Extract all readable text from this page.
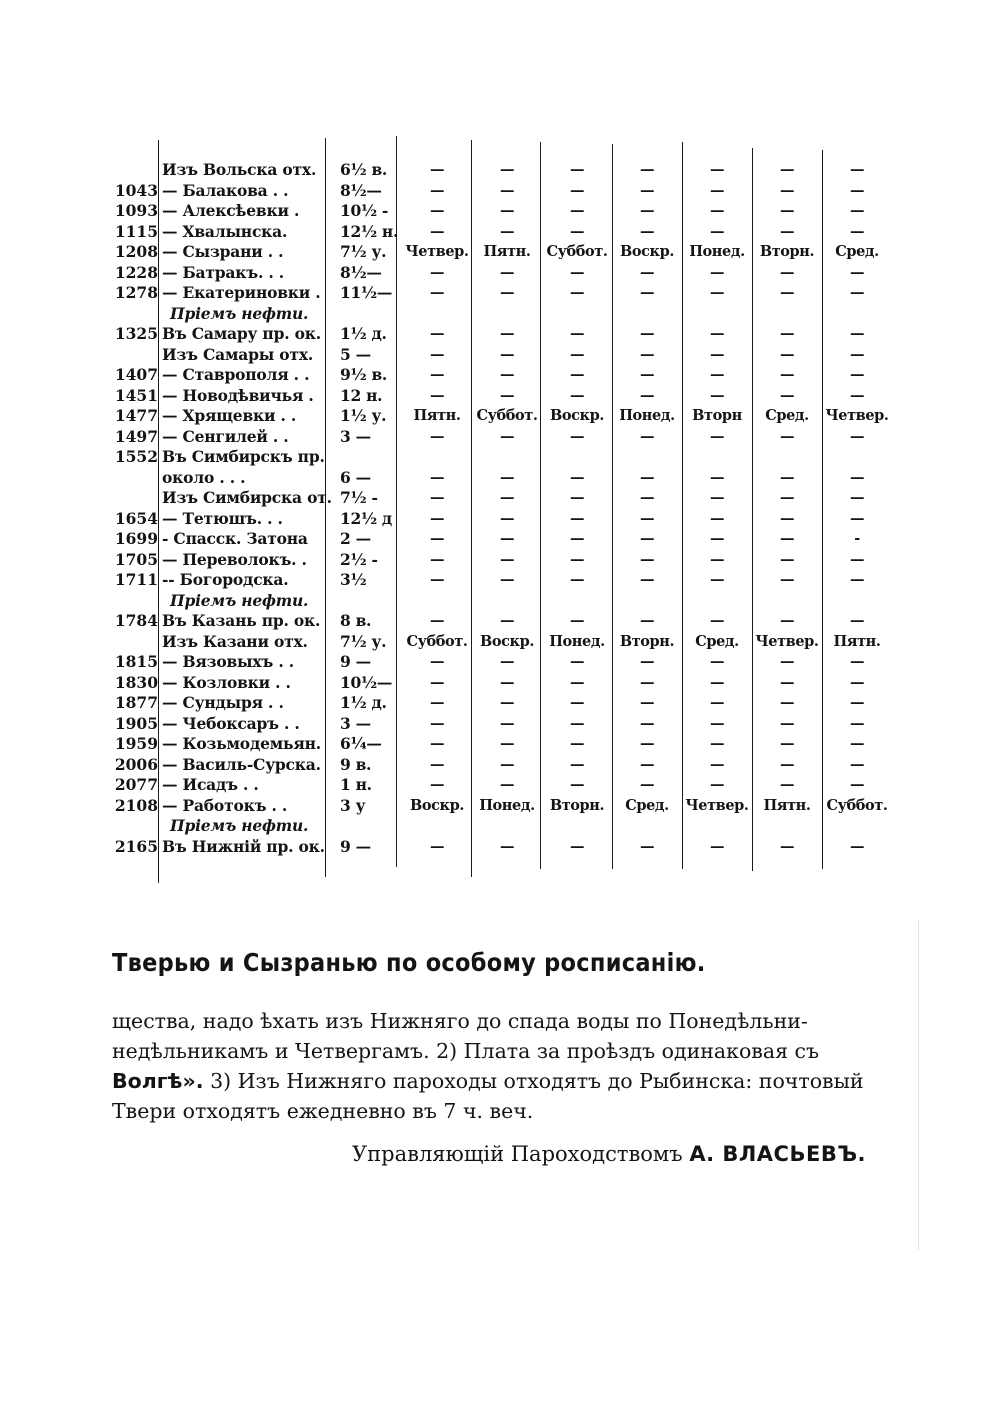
Изъ Вольска отх.	6½ в.	—	—	—	—	—	—	—
1043 — Балакова . .	8½—	—	—	—	—	—	—	—
1093 — Алексѣевки .	10½ -	—	—	—	—	—	—	—
1115 — Хвалынска.	12½ н.	—	—	—	—	—	—	—
1208 — Сызрани . .	7½ у.	Четвер.	Пятн.	Суббот. Воскр.	Понед.	Вторн.	Сред.
1228 — Батракъ. . .	8½—	—	—	—	—	—	—	—
1278 — Екатериновки . 11½—	—	—	—	—	—	—	—
Пріемъ нефти.
1325 Въ Самару пр. ок. 1½ д.	—	—	—	—	—	—	—
Изъ Самары отх.	5 —	—	—	—	—	—	—	—
1407 — Ставрополя . .	9½ в.	—	—	—	—	—	—	—
1451 — Новодѣвичья .	12 н.	—	—	—	—	—	—	—
1477 — Хрящевки . .	1½ у.	Пятн.	Суббот. Воскр.	Понед.	Вторн	Сред.	Четвер.
1497 — Сенгилей . .	3 —	—	—	—	—	—	—	—
1552 Въ Симбирскъ пр.
около . . .	6 —	—	—	—	—	—	—	—
Изъ Симбирска от. 7½ -	—	—	—	—	—	—	—
1654 — Тетюшъ. . .	12½ д	—	—	—	—	—	—	—
1699 - Спасск. Затона	2 —	—	—	—	—	—	—	-
1705 — Переволокъ. .	2½ -	—	—	—	—	—	—	—
1711 -- Богородска.	3½	—	—	—	—	—	—	—
Пріемъ нефти.
1784 Въ Казань пр. ок. 8 в.	—	—	—	—	—	—	—
Изъ Казани отх.	7½ у.	Суббот. Воскр.	Понед.	Вторн.	Сред.	Четвер.	Пятн.
1815 — Вязовыхъ . .	9 —	—	—	—	—	—	—	—
1830 — Козловки . .	10½—	—	—	—	—	—	—	—
1877 — Сундыря . .	1½ д.	—	—	—	—	—	—	—
1905 — Чебоксаръ . .	3 —	—	—	—	—	—	—	—
1959 — Козьмодемьян. 6¼—	—	—	—	—	—	—	—
2006 — Василь-Сурска. 9 в.	—	—	—	—	—	—	—
2077 — Исадъ . .	1 н.	—	—	—	—	—	—	—
2108 — Работокъ . .	3 у	Воскр.	Понед.	Вторн.	Сред.	Четвер.	Пятн.	Суббот.
Пріемъ нефти.
2165 Въ Нижній пр. ок. 9 —	—	—	—	—	—	—	—
Тверью и Сызранью по особому росписанію.
щества, надо ѣхать изъ Нижняго до спада воды по Понедѣльни-
недѣльникамъ и Четвергамъ. 2) Плата за проѣздъ одинаковая съ
Волгѣ». 3) Изъ Нижняго пароходы отходятъ до Рыбинска: почтовый
Твери отходятъ ежедневно въ 7 ч. веч.
Управляющій Пароходствомъ А. ВЛАСЬЕВЪ.
